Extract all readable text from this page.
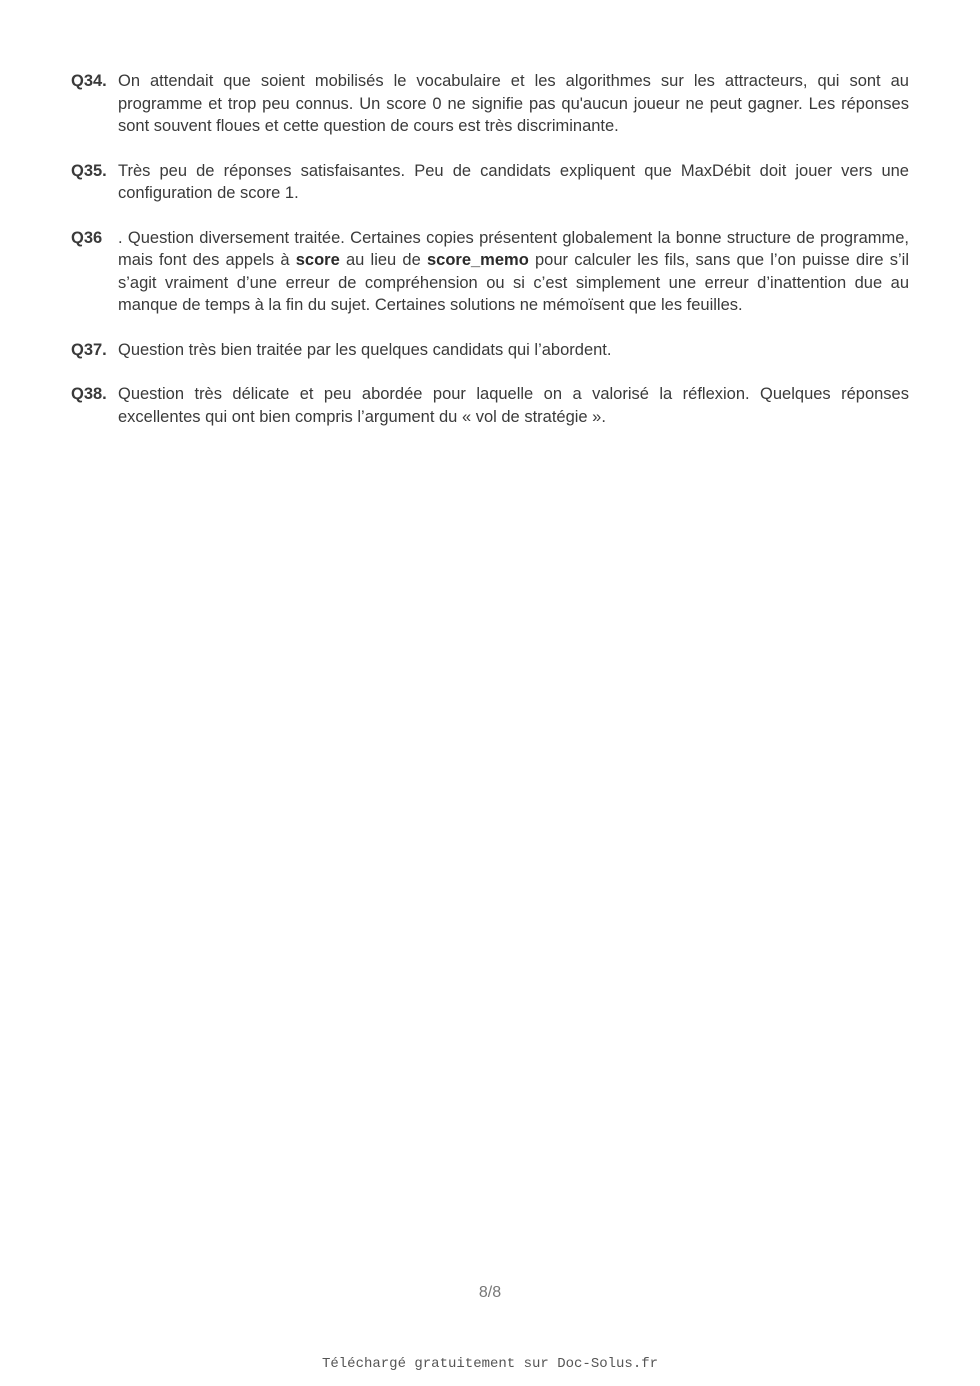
Q34. On attendait que soient mobilisés le vocabulaire et les algorithmes sur les attracteurs, qui sont au programme et trop peu connus. Un score 0 ne signifie pas qu'aucun joueur ne peut gagner. Les réponses sont souvent floues et cette question de cours est très discriminante.
Q35. Très peu de réponses satisfaisantes. Peu de candidats expliquent que MaxDébit doit jouer vers une configuration de score 1.
Q36 . Question diversement traitée. Certaines copies présentent globalement la bonne structure de programme, mais font des appels à score au lieu de score_memo pour calculer les fils, sans que l’on puisse dire s’il s’agit vraiment d’une erreur de compréhension ou si c’est simplement une erreur d’inattention due au manque de temps à la fin du sujet. Certaines solutions ne mémoïsent que les feuilles.
Q37. Question très bien traitée par les quelques candidats qui l’abordent.
Q38. Question très délicate et peu abordée pour laquelle on a valorisé la réflexion. Quelques réponses excellentes qui ont bien compris l’argument du « vol de stratégie ».
8/8
Téléchargé gratuitement sur Doc-Solus.fr
